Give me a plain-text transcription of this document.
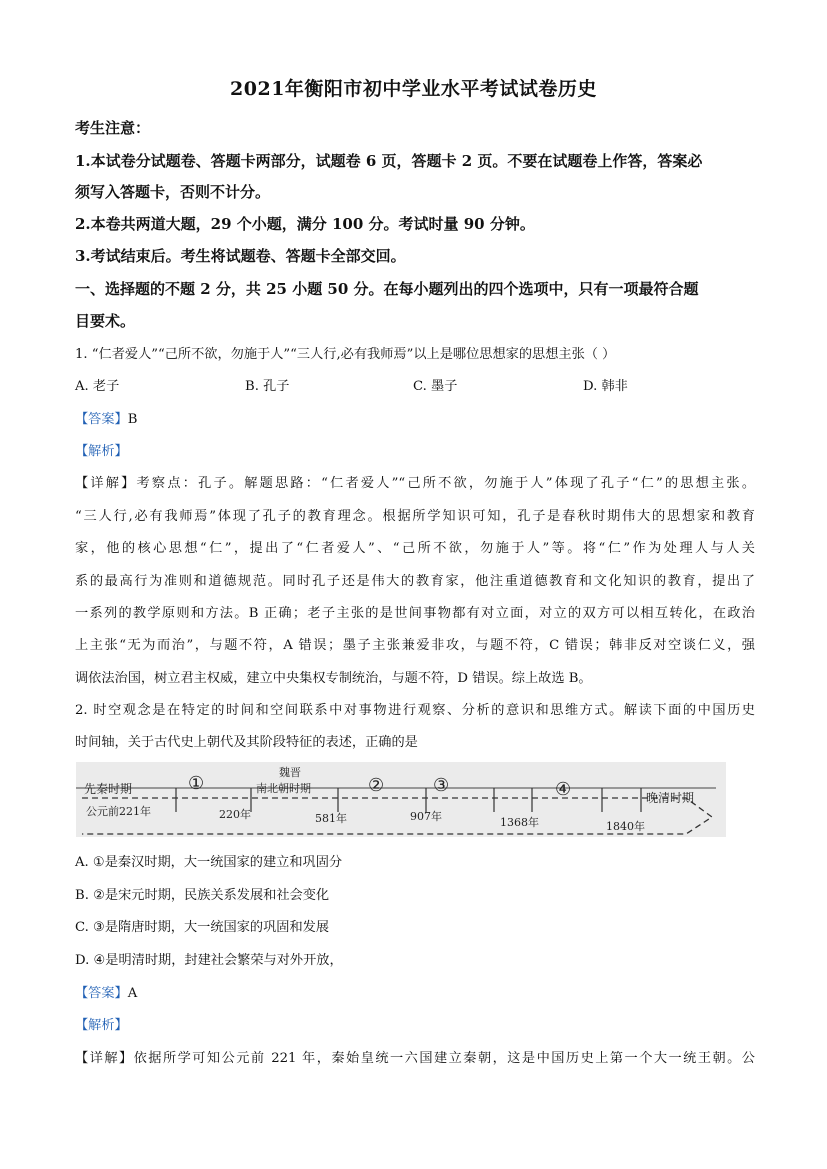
2021年衡阳市初中学业水平考试试卷历史
考生注意：
1.本试卷分试题卷、答题卡两部分，试题卷 6 页，答题卡 2 页。不要在试题卷上作答，答案必
须写入答题卡，否则不计分。
2.本卷共两道大题，29 个小题，满分 100 分。考试时量 90 分钟。
3.考试结束后。考生将试题卷、答题卡全部交回。
一、选择题的不题 2 分，共 25 小题 50 分。在每小题列出的四个选项中，只有一项最符合题
目要术。
1. “仁者爱人”“己所不欲，勿施于人”“三人行,必有我师焉”以上是哪位思想家的思想主张（ ）
A. 老子	B. 孔子	C. 墨子	D. 韩非
【答案】B
【解析】
【详解】考察点：孔子。解题思路：“仁者爱人”“己所不欲，勿施于人”体现了孔子“仁”的思想主张。
“三人行,必有我师焉”体现了孔子的教育理念。根据所学知识可知，孔子是春秋时期伟大的思想家和教育
家，他的核心思想“仁”，提出了“仁者爱人”、“己所不欲，勿施于人”等。将“仁”作为处理人与人关
系的最高行为准则和道德规范。同时孔子还是伟大的教育家，他注重道德教育和文化知识的教育，提出了
一系列的教学原则和方法。B 正确；老子主张的是世间事物都有对立面，对立的双方可以相互转化，在政治
上主张“无为而治”，与题不符，A 错误；墨子主张兼爱非攻，与题不符，C 错误；韩非反对空谈仁义，强
调依法治国，树立君主权威，建立中央集权专制统治，与题不符，D 错误。综上故选 B。
2. 时空观念是在特定的时间和空间联系中对事物进行观察、分析的意识和思维方式。解读下面的中国历史
时间轴，关于古代史上朝代及其阶段特征的表述，正确的是
先秦时期	①
魏晋
南北朝时期	②	③	④	晚清时期
公元前221年	220年	581年	907年	1368年	1840年
A. ①是秦汉时期，大一统国家的建立和巩固分
B. ②是宋元时期，民族关系发展和社会变化
C. ③是隋唐时期，大一统国家的巩固和发展
D. ④是明清时期，封建社会繁荣与对外开放，
【答案】A
【解析】
【详解】依据所学可知公元前 221 年，秦始皇统一六国建立秦朝，这是中国历史上第一个大一统王朝。公
